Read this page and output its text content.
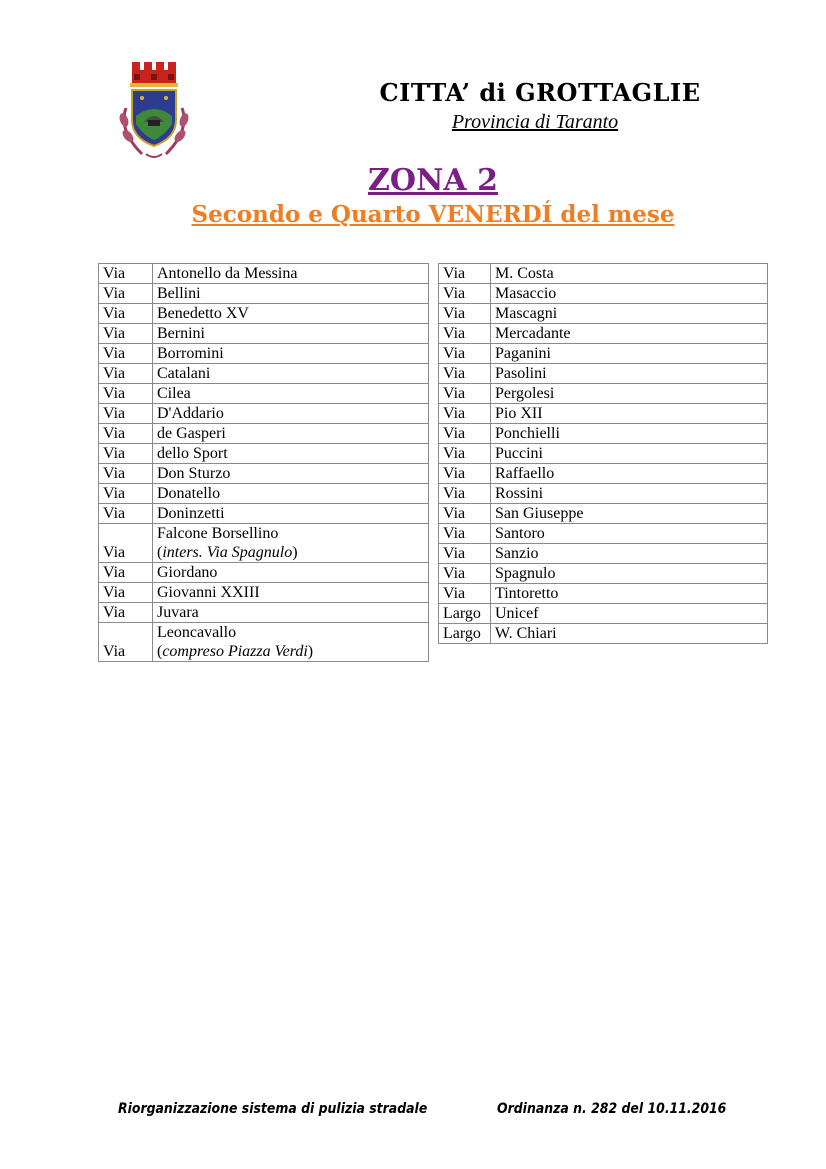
CITTA’ di GROTTAGLIE
Provincia di Taranto
ZONA 2
Secondo e Quarto VENERDÍ del mese
Via	Antonello da Messina
Via	Bellini
Via	Benedetto XV
Via	Bernini
Via	Borromini
Via	Catalani
Via	Cilea
Via	D'Addario
Via	de Gasperi
Via	dello Sport
Via	Don Sturzo
Via	Donatello
Via	Doninzetti
Via	Falcone Borsellino
(inters. Via Spagnulo)
Via	Giordano
Via	Giovanni XXIII
Via	Juvara
Via	Leoncavallo
(compreso Piazza Verdi)
Via	M. Costa
Via	Masaccio
Via	Mascagni
Via	Mercadante
Via	Paganini
Via	Pasolini
Via	Pergolesi
Via	Pio XII
Via	Ponchielli
Via	Puccini
Via	Raffaello
Via	Rossini
Via	San Giuseppe
Via	Santoro
Via	Sanzio
Via	Spagnulo
Via	Tintoretto
Largo	Unicef
Largo	W. Chiari
Riorganizzazione sistema di pulizia stradale	Ordinanza n. 282 del 10.11.2016
